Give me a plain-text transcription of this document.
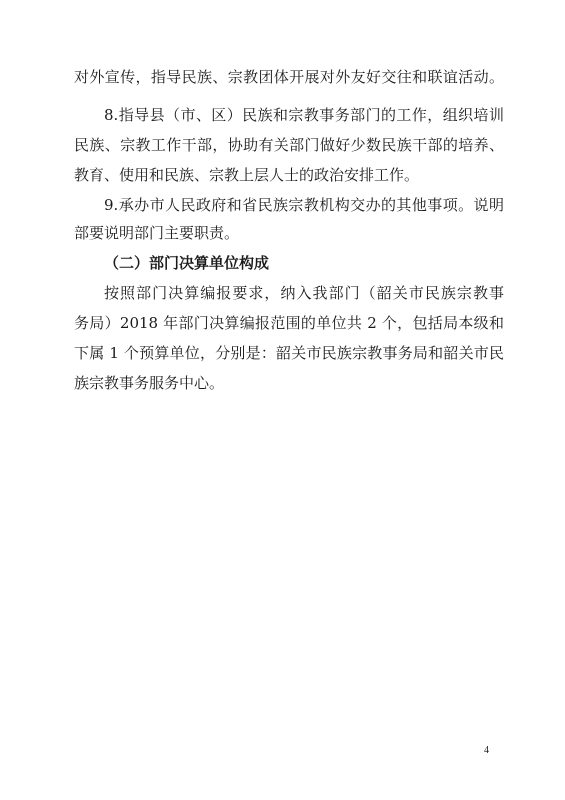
对外宣传，指导民族、宗教团体开展对外友好交往和联谊活动。
8.指导县（市、区）民族和宗教事务部门的工作，组织培训
民族、宗教工作干部，协助有关部门做好少数民族干部的培养、
教育、使用和民族、宗教上层人士的政治安排工作。
9.承办市人民政府和省民族宗教机构交办的其他事项。说明
部要说明部门主要职责。
（二）部门决算单位构成
按照部门决算编报要求，纳入我部门（韶关市民族宗教事
务局）2018 年部门决算编报范围的单位共 2 个，包括局本级和
下属 1 个预算单位，分别是：韶关市民族宗教事务局和韶关市民
族宗教事务服务中心。
4
